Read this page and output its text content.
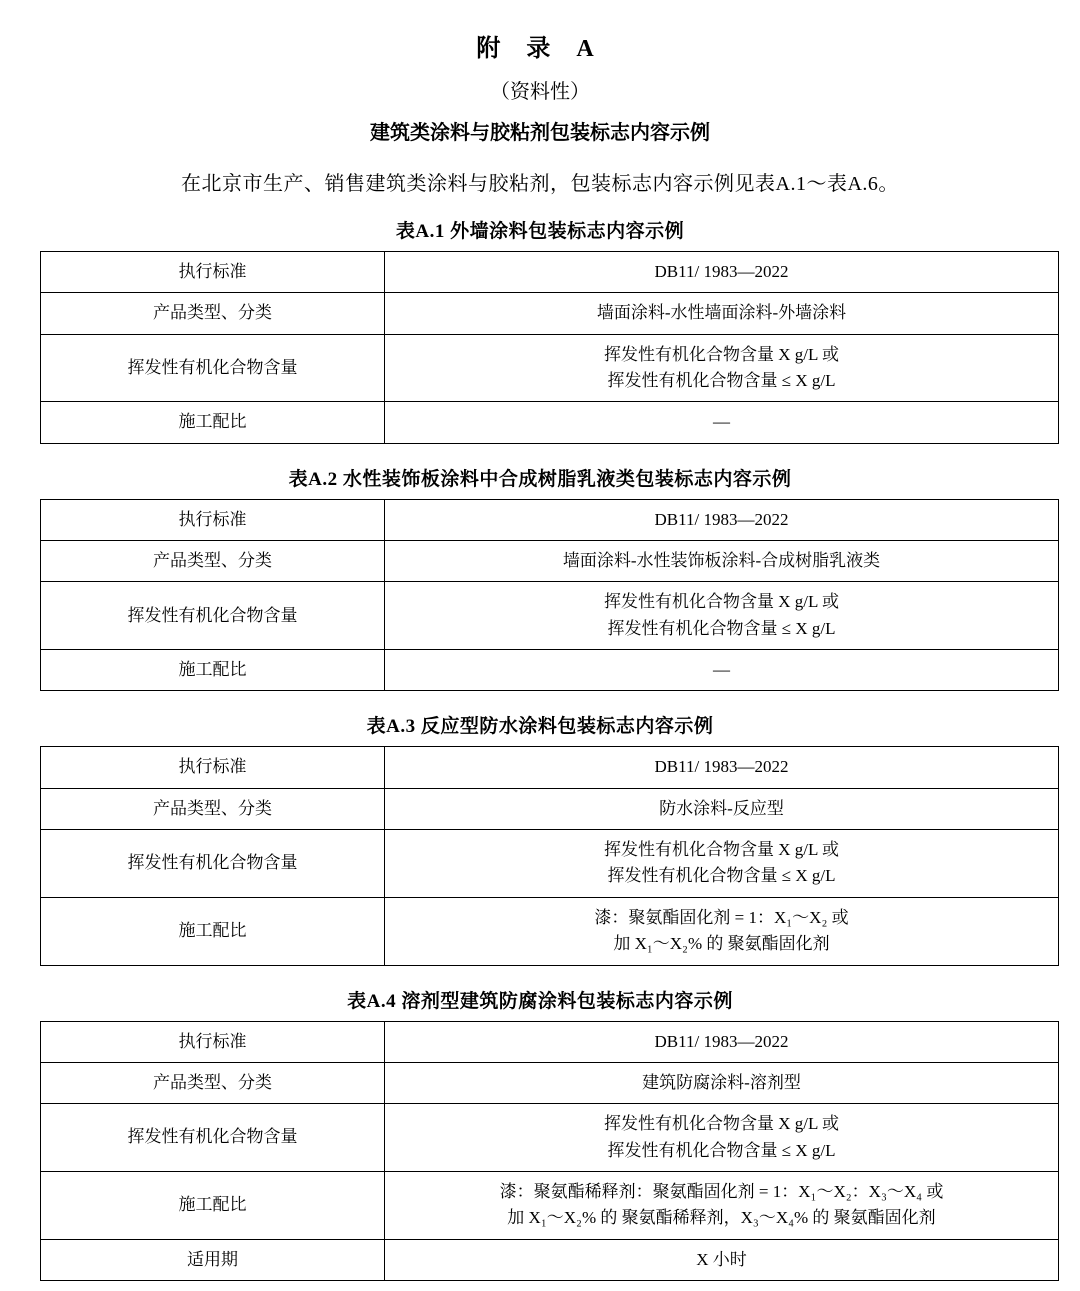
附 录 A
（资料性）
建筑类涂料与胶粘剂包装标志内容示例
在北京市生产、销售建筑类涂料与胶粘剂，包装标志内容示例见表A.1～表A.6。
表A.1 外墙涂料包装标志内容示例
执行标准	DB11/ 1983—2022
产品类型、分类	墙面涂料-水性墙面涂料-外墙涂料
挥发性有机化合物含量	挥发性有机化合物含量 X g/L 或
挥发性有机化合物含量 ≤ X g/L

施工配比	—
表A.2 水性装饰板涂料中合成树脂乳液类包装标志内容示例
执行标准	DB11/ 1983—2022
产品类型、分类	墙面涂料-水性装饰板涂料-合成树脂乳液类
挥发性有机化合物含量	挥发性有机化合物含量 X g/L 或
挥发性有机化合物含量 ≤ X g/L

施工配比	—
表A.3 反应型防水涂料包装标志内容示例
执行标准	DB11/ 1983—2022
产品类型、分类	防水涂料-反应型
挥发性有机化合物含量	挥发性有机化合物含量 X g/L 或
挥发性有机化合物含量 ≤ X g/L

施工配比	漆：聚氨酯固化剂 = 1：X₁～X₂ 或
加 X₁～X₂% 的 聚氨酯固化剂
表A.4 溶剂型建筑防腐涂料包装标志内容示例
执行标准	DB11/ 1983—2022
产品类型、分类	建筑防腐涂料-溶剂型
挥发性有机化合物含量	挥发性有机化合物含量 X g/L 或
挥发性有机化合物含量 ≤ X g/L

施工配比	漆：聚氨酯稀释剂：聚氨酯固化剂 = 1：X₁～X₂：X₃～X₄ 或
加 X₁～X₂% 的 聚氨酯稀释剂，X₃～X₄% 的 聚氨酯固化剂

适用期	X 小时
